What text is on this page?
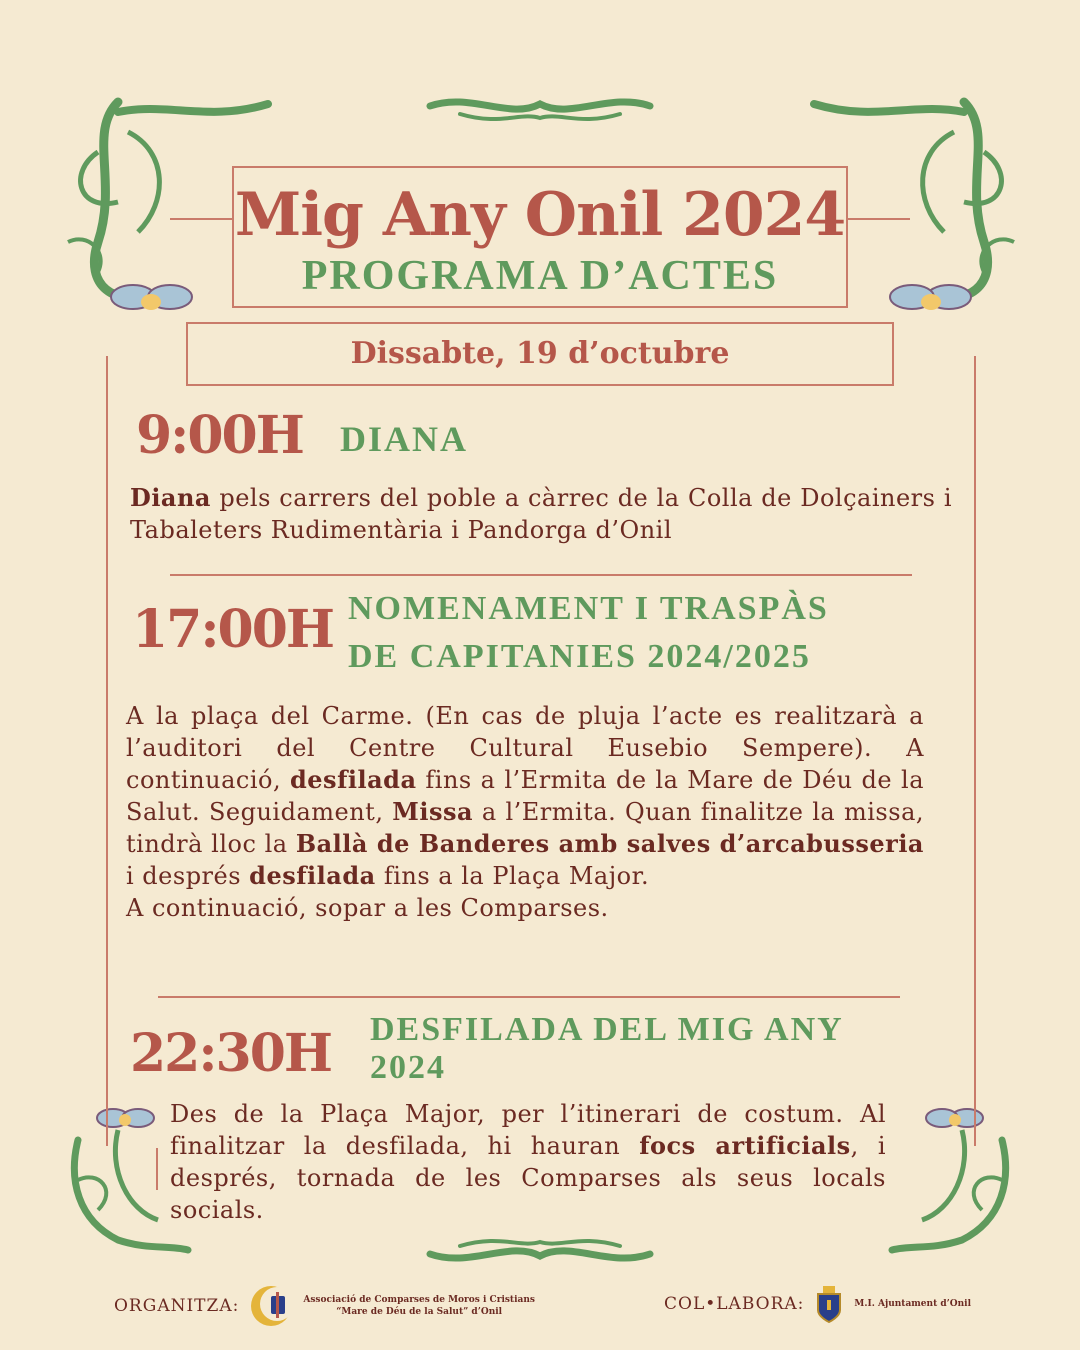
Mig Any Onil 2024
PROGRAMA D’ACTES
Dissabte, 19 d’octubre
9:00H DIANA
Diana pels carrers del poble a càrrec de la Colla de Dolçainers i Tabaleters Rudimentària i Pandorga d’Onil
17:00H NOMENAMENT I TRASPÀS
DE CAPITANIES 2024/2025
A la plaça del Carme. (En cas de pluja l’acte es realitzarà a l’auditori del Centre Cultural Eusebio Sempere). A continuació, desfilada fins a l’Ermita de la Mare de Déu de la Salut. Seguidament, Missa a l’Ermita. Quan finalitze la missa, tindrà lloc la Ballà de Banderes amb salves d’arcabusseria i després desfilada fins a la Plaça Major.
A continuació, sopar a les Comparses.
22:30H DESFILADA DEL MIG ANY
2024
Des de la Plaça Major, per l’itinerari de costum. Al finalitzar la desfilada, hi hauran focs artificials, i després, tornada de les Comparses als seus locals socials.
ORGANITZA:	Associació de Comparses de Moros i Cristians
“Mare de Déu de la Salut” d’Onil	COL•LABORA:	M.I. Ajuntament d’Onil
